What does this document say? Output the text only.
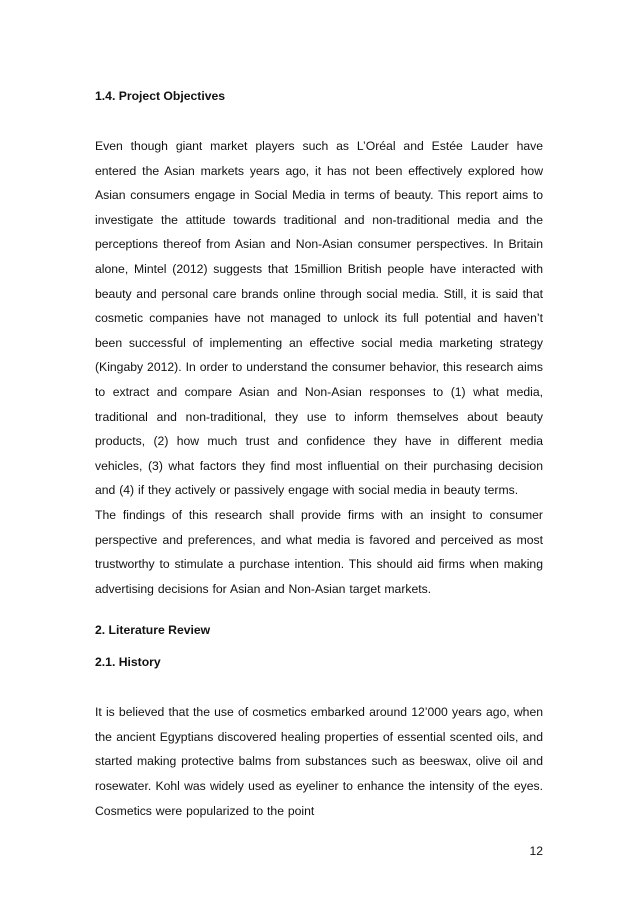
1.4. Project Objectives

Even though giant market players such as L’Oréal and Estée Lauder have entered the Asian markets years ago, it has not been effectively explored how Asian consumers engage in Social Media in terms of beauty. This report aims to investigate the attitude towards traditional and non-traditional media and the perceptions thereof from Asian and Non-Asian consumer perspectives. In Britain alone, Mintel (2012) suggests that 15million British people have interacted with beauty and personal care brands online through social media. Still, it is said that cosmetic companies have not managed to unlock its full potential and haven’t been successful of implementing an effective social media marketing strategy (Kingaby 2012). In order to understand the consumer behavior, this research aims to extract and compare Asian and Non-Asian responses to (1) what media, traditional and non-traditional, they use to inform themselves about beauty products, (2) how much trust and confidence they have in different media vehicles, (3) what factors they find most influential on their purchasing decision and (4) if they actively or passively engage with social media in beauty terms.

The findings of this research shall provide firms with an insight to consumer perspective and preferences, and what media is favored and perceived as most trustworthy to stimulate a purchase intention. This should aid firms when making advertising decisions for Asian and Non-Asian target markets.

2. Literature Review
2.1. History

It is believed that the use of cosmetics embarked around 12’000 years ago, when the ancient Egyptians discovered healing properties of essential scented oils, and started making protective balms from substances such as beeswax, olive oil and rosewater. Kohl was widely used as eyeliner to enhance the intensity of the eyes. Cosmetics were popularized to the point

12
